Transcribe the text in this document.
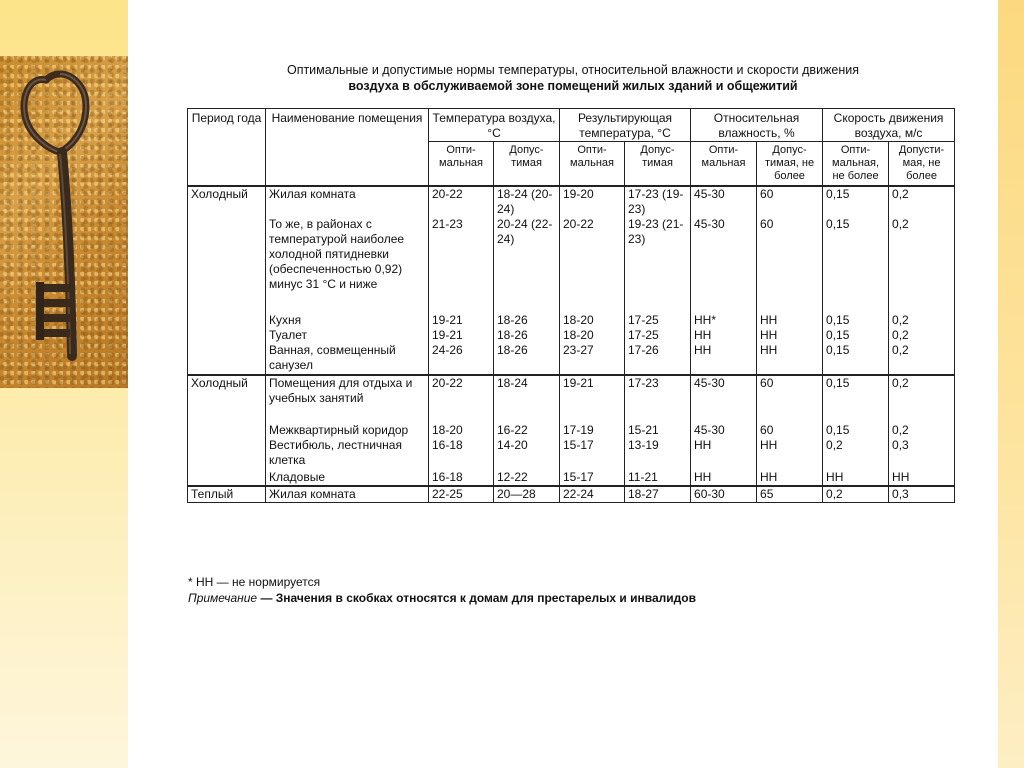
Оптимальные и допустимые нормы температуры, относительной влажности и скорости движения
воздуха в обслуживаемой зоне помещений жилых зданий и общежитий
Период года	Наименование помещения	Температура воздуха, °С		Результирующая температура, °С		Относительная влажность, %		Скорость движения воздуха, м/с	
		Опти-мальная	Допус-тимая	Опти-мальная	Допус-тимая	Опти-мальная	Допус-тимая, не более	Опти-мальная, не более	Допусти-мая, не более
Холодный	Жилая комната	20-22	18-24 (20-24)	19-20	17-23 (19-23)	45-30	60	0,15	0,2
	То же, в районах с температурой наиболее холодной пятидневки (обеспеченностью 0,92) минус 31 °С и ниже	21-23	20-24 (22-24)	20-22	19-23 (21-23)	45-30	60	0,15	0,2
	Кухня	19-21	18-26	18-20	17-25	НН*	НН	0,15	0,2
	Туалет	19-21	18-26	18-20	17-25	НН	НН	0,15	0,2
	Ванная, совмещенный санузел	24-26	18-26	23-27	17-26	НН	НН	0,15	0,2
Холодный	Помещения для отдыха и учебных занятий	20-22	18-24	19-21	17-23	45-30	60	0,15	0,2
	Межквартирный коридор	18-20	16-22	17-19	15-21	45-30	60	0,15	0,2
	Вестибюль, лестничная клетка	16-18	14-20	15-17	13-19	НН	НН	0,2	0,3
	Кладовые	16-18	12-22	15-17	11-21	НН	НН	НН	НН
Теплый	Жилая комната	22-25	20—28	22-24	18-27	60-30	65	0,2	0,3
* НН — не нормируется
Примечание — Значения в скобках относятся к домам для престарелых и инвалидов
